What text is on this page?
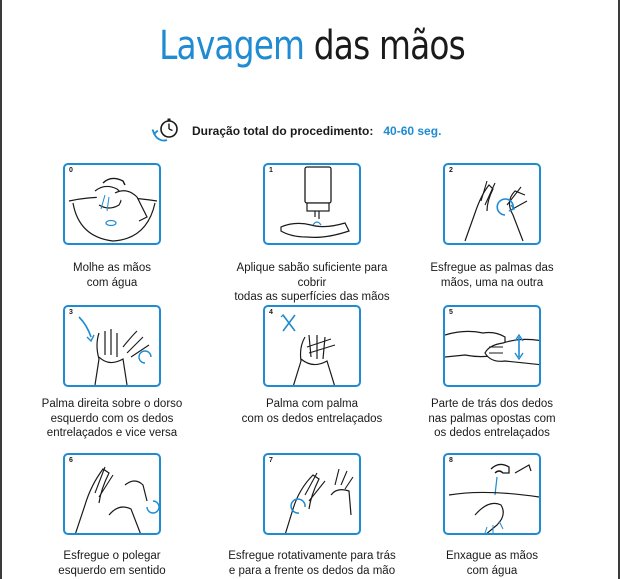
Lavagem das mãos
Duração total do procedimento: 40-60 seg.
0
Molhe as mãos
com água
1
Aplique sabão suficiente para cobrir
todas as superfícies das mãos
2
Esfregue as palmas das
mãos, uma na outra
3
Palma direita sobre o dorso
esquerdo com os dedos
entrelaçados e vice versa
4
Palma com palma
com os dedos entrelaçados
5
Parte de trás dos dedos
nas palmas opostas com
os dedos entrelaçados
6
Esfregue o polegar
esquerdo em sentido
7
Esfregue rotativamente para trás
e para a frente os dedos da mão
8
Enxague as mãos
com água
